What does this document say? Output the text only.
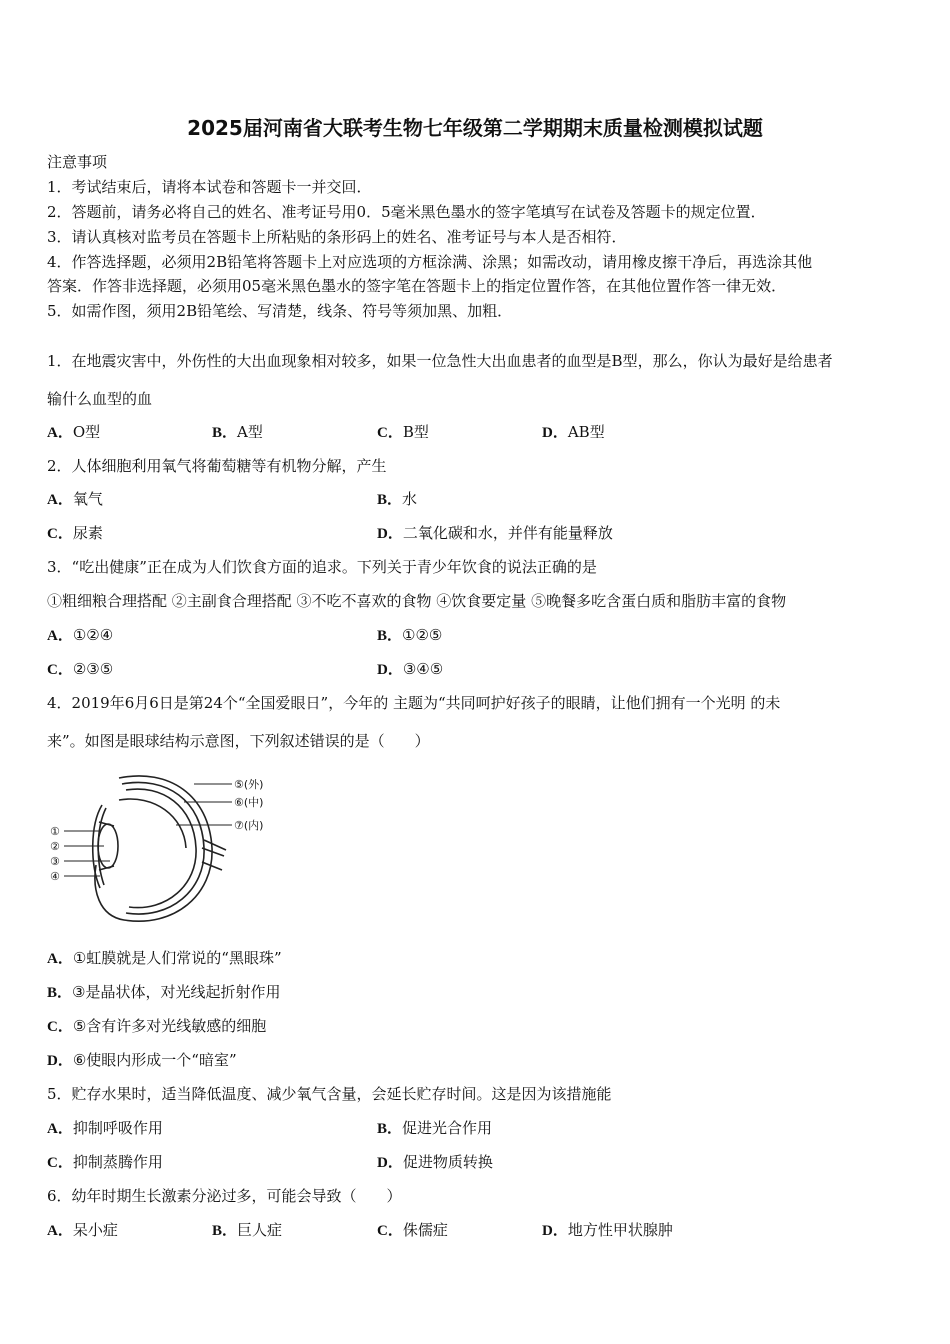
2025届河南省大联考生物七年级第二学期期末质量检测模拟试题
注意事项
1．考试结束后，请将本试卷和答题卡一并交回．
2．答题前，请务必将自己的姓名、准考证号用0．5毫米黑色墨水的签字笔填写在试卷及答题卡的规定位置．
3．请认真核对监考员在答题卡上所粘贴的条形码上的姓名、准考证号与本人是否相符．
4．作答选择题，必须用2B铅笔将答题卡上对应选项的方框涂满、涂黑；如需改动，请用橡皮擦干净后，再选涂其他
答案．作答非选择题，必须用05毫米黑色墨水的签字笔在答题卡上的指定位置作答，在其他位置作答一律无效．
5．如需作图，须用2B铅笔绘、写清楚，线条、符号等须加黑、加粗．
1．在地震灾害中，外伤性的大出血现象相对较多，如果一位急性大出血患者的血型是B型，那么，你认为最好是给患者
输什么血型的血
A．O型	B．A型	C．B型	D．AB型
2．人体细胞利用氧气将葡萄糖等有机物分解，产生
A．氧气	B．水
C．尿素	D．二氧化碳和水，并伴有能量释放
3．“吃出健康”正在成为人们饮食方面的追求。下列关于青少年饮食的说法正确的是
①粗细粮合理搭配 ②主副食合理搭配 ③不吃不喜欢的食物 ④饮食要定量 ⑤晚餐多吃含蛋白质和脂肪丰富的食物
A．①②④	B．①②⑤
C．②③⑤	D．③④⑤
4．2019年6月6日是第24个“全国爱眼日”，今年的 主题为“共同呵护好孩子的眼睛，让他们拥有一个光明 的未
来”。如图是眼球结构示意图，下列叙述错误的是（　　）
⑤(外)
⑥(中)
⑦(内)
①
②
③
④
A．①虹膜就是人们常说的“黑眼珠”
B．③是晶状体，对光线起折射作用
C．⑤含有许多对光线敏感的细胞
D．⑥使眼内形成一个“暗室”
5．贮存水果时，适当降低温度、减少氧气含量，会延长贮存时间。这是因为该措施能
A．抑制呼吸作用	B．促进光合作用
C．抑制蒸腾作用	D．促进物质转换
6．幼年时期生长激素分泌过多，可能会导致（　　）
A．呆小症	B．巨人症	C．侏儒症	D．地方性甲状腺肿
